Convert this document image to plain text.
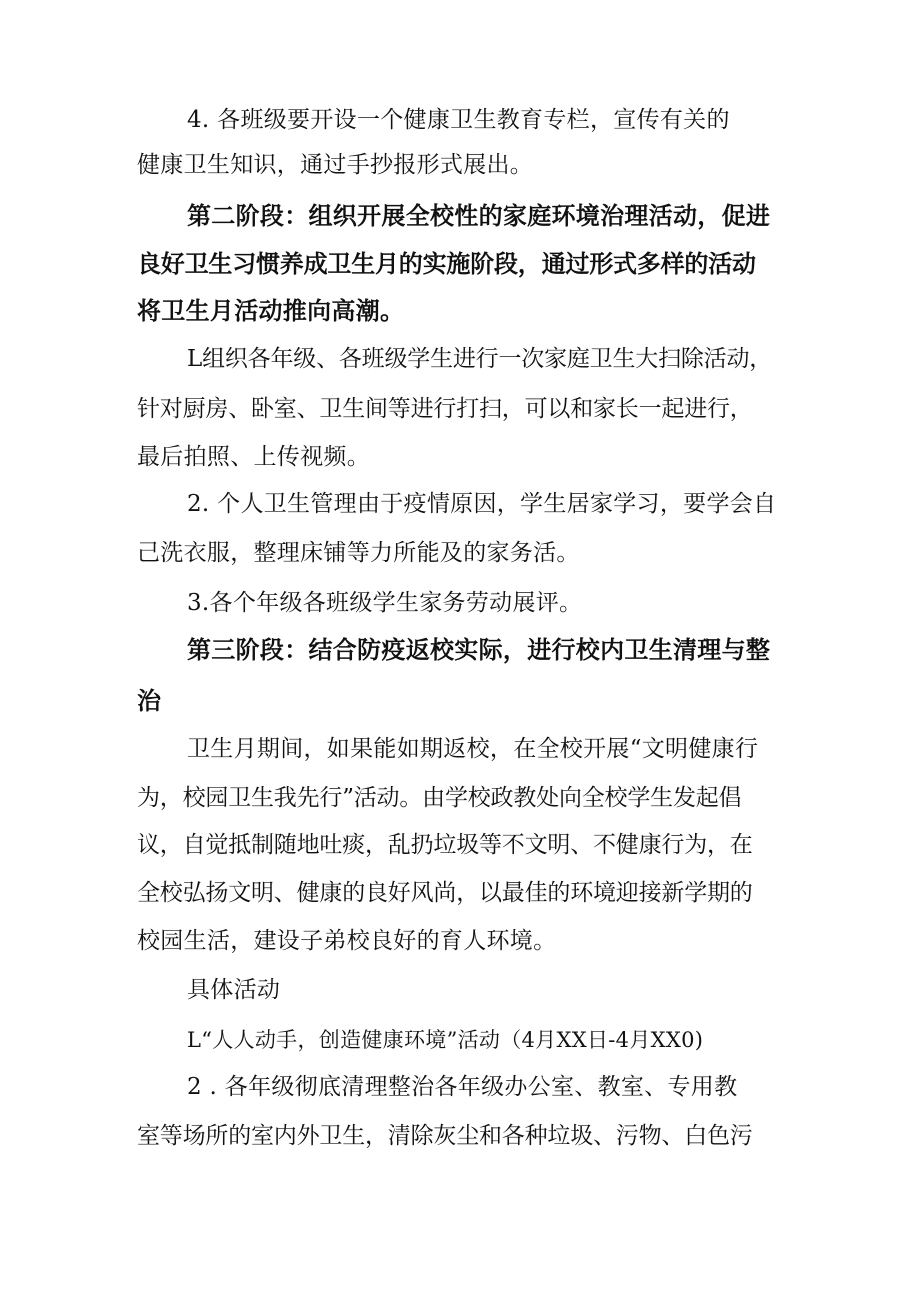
4. 各班级要开设一个健康卫生教育专栏，宣传有关的
健康卫生知识，通过手抄报形式展出。
第二阶段：组织开展全校性的家庭环境治理活动，促进
良好卫生习惯养成卫生月的实施阶段，通过形式多样的活动
将卫生月活动推向高潮。
L组织各年级、各班级学生进行一次家庭卫生大扫除活动，
针对厨房、卧室、卫生间等进行打扫，可以和家长一起进行，
最后拍照、上传视频。
2. 个人卫生管理由于疫情原因，学生居家学习，要学会自
己洗衣服，整理床铺等力所能及的家务活。
3.各个年级各班级学生家务劳动展评。
第三阶段：结合防疫返校实际，进行校内卫生清理与整
治
卫生月期间，如果能如期返校，在全校开展“文明健康行
为，校园卫生我先行”活动。由学校政教处向全校学生发起倡
议，自觉抵制随地吐痰，乱扔垃圾等不文明、不健康行为，在
全校弘扬文明、健康的良好风尚，以最佳的环境迎接新学期的
校园生活，建设子弟校良好的育人环境。
具体活动
L“人人动手，创造健康环境”活动（4月XX日-4月XX0)
2 . 各年级彻底清理整治各年级办公室、教室、专用教
室等场所的室内外卫生，清除灰尘和各种垃圾、污物、白色污
